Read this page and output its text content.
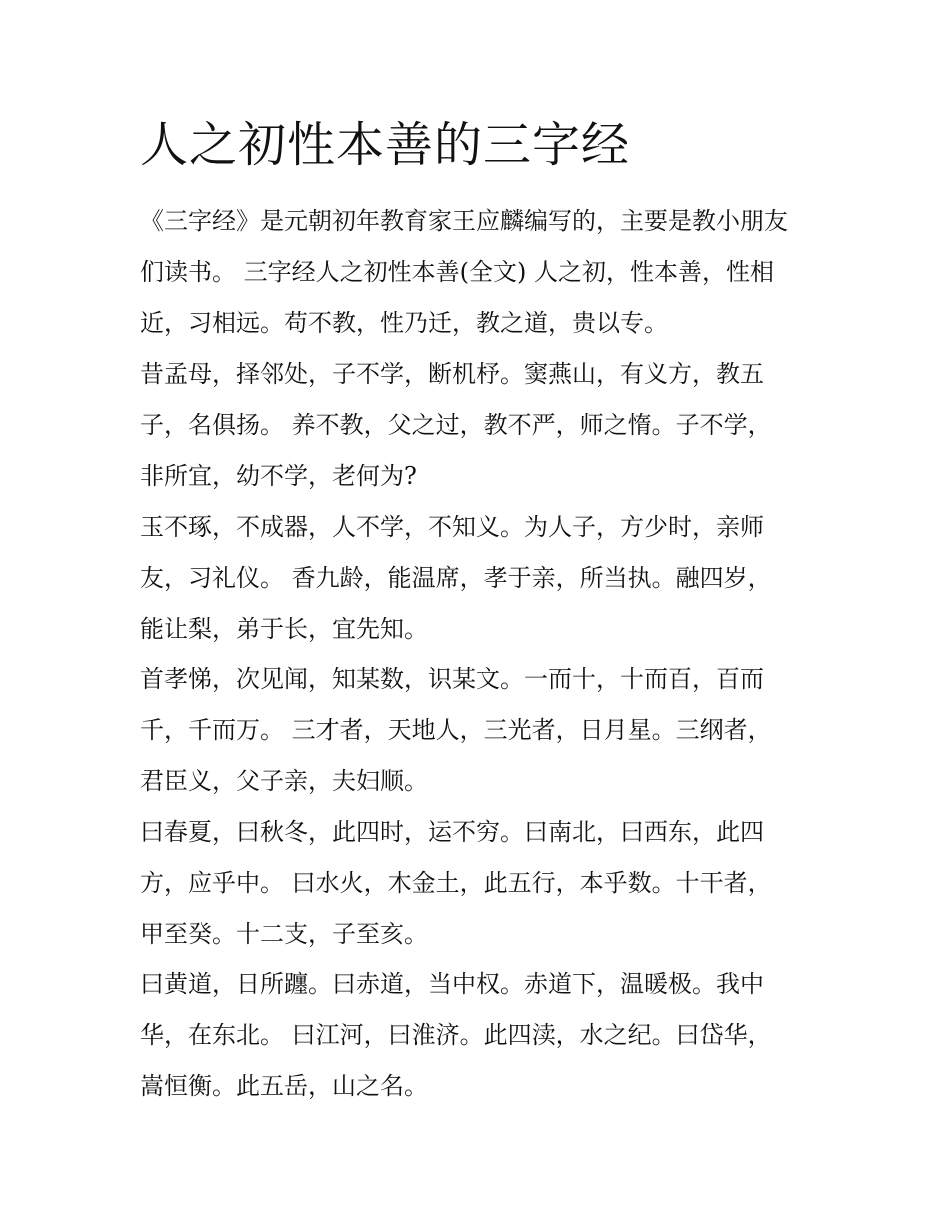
人之初性本善的三字经

《三字经》是元朝初年教育家王应麟编写的，主要是教小朋友

们读书。 三字经人之初性本善(全文) 人之初，性本善，性相

近，习相远。苟不教，性乃迁，教之道，贵以专。

昔孟母，择邻处，子不学，断机杼。窦燕山，有义方，教五

子，名俱扬。 养不教，父之过，教不严，师之惰。子不学，

非所宜，幼不学，老何为?

玉不琢，不成器，人不学，不知义。为人子，方少时，亲师

友，习礼仪。 香九龄，能温席，孝于亲，所当执。融四岁，

能让梨，弟于长，宜先知。

首孝悌，次见闻，知某数，识某文。一而十，十而百，百而

千，千而万。 三才者，天地人，三光者，日月星。三纲者，

君臣义，父子亲，夫妇顺。

曰春夏，曰秋冬，此四时，运不穷。曰南北，曰西东，此四

方，应乎中。 曰水火，木金土，此五行，本乎数。十干者，

甲至癸。十二支，子至亥。

曰黄道，日所躔。曰赤道，当中权。赤道下，温暖极。我中

华，在东北。 曰江河，曰淮济。此四渎，水之纪。曰岱华，

嵩恒衡。此五岳，山之名。
